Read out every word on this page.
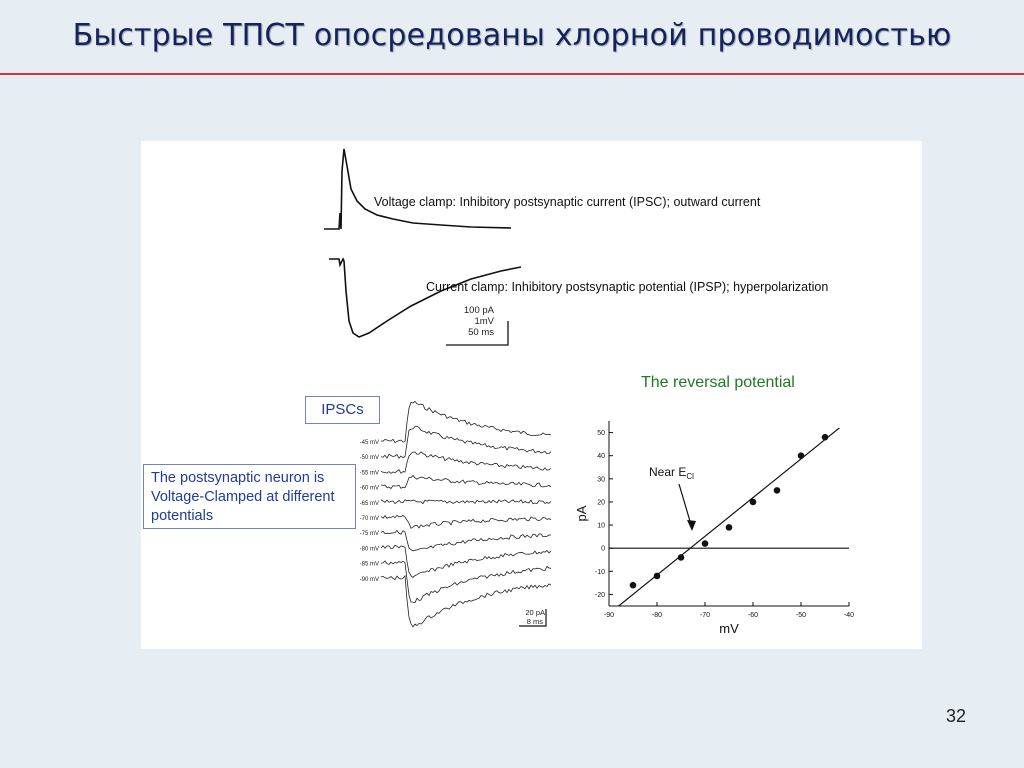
Быстрые ТПСТ опосредованы хлорной проводимостью
Voltage clamp: Inhibitory postsynaptic current (IPSC); outward current
Current clamp: Inhibitory postsynaptic potential (IPSP); hyperpolarization
100 pA
1mV
50 ms
-45 mV
-50 mV
-55 mV
-60 mV
-65 mV
-70 mV
-75 mV
-80 mV
-85 mV
-90 mV
20 pA
8 ms
-90	-80	-70	-60	-50	-40
-20
-10
0
10
20
30
40
50
mV
pA
Near $E_{Cl}$
IPSCs
The postsynaptic neuron is Voltage-Clamped at different potentials
The reversal potential
32
